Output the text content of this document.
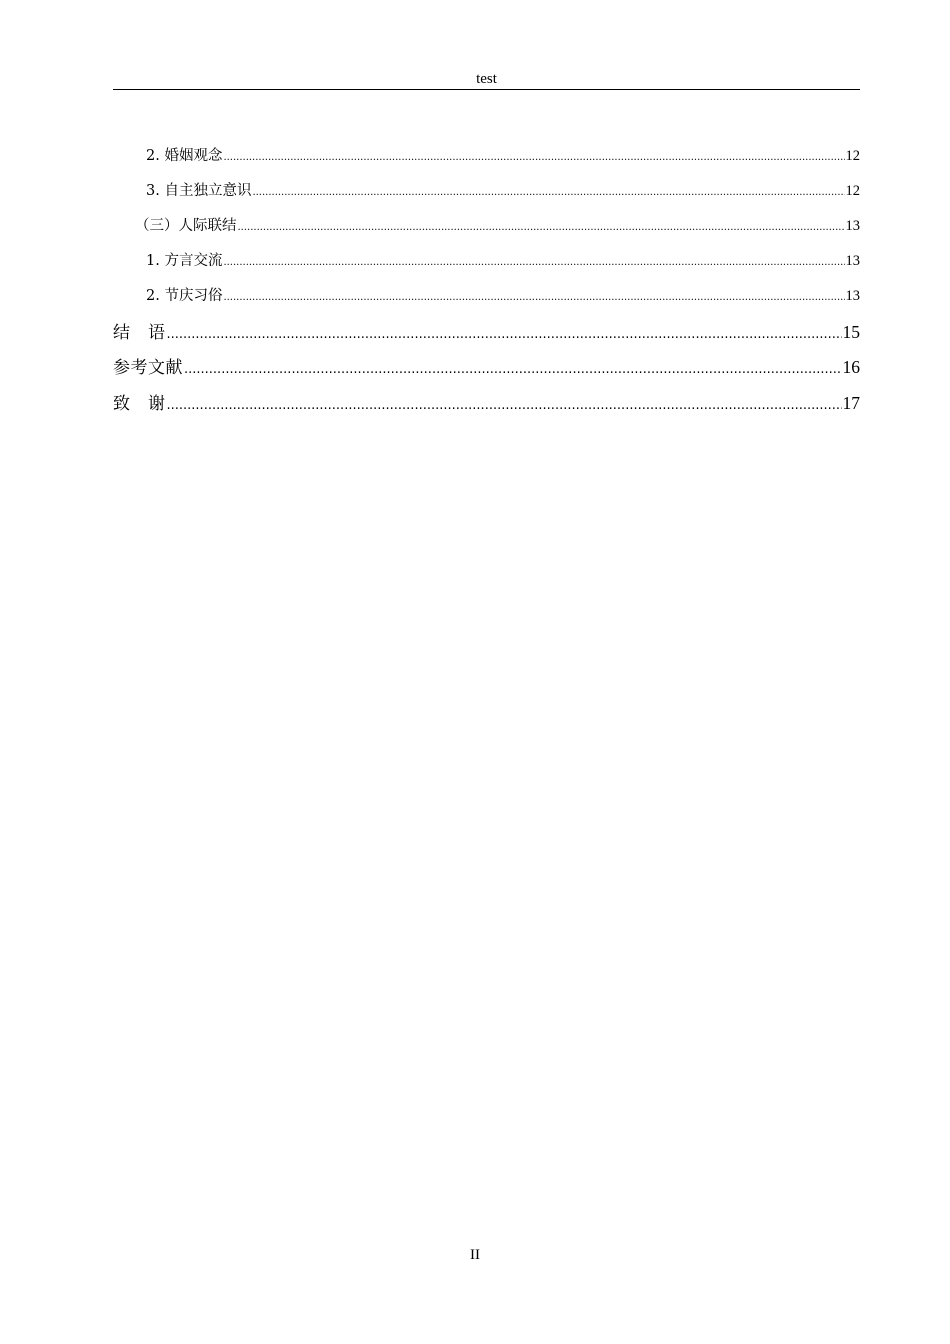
test
2. 婚姻观念 .....	12
3. 自主独立意识 .....	12
（三）人际联结 .....	13
1. 方言交流 .....	13
2. 节庆习俗 .....	13
结　语 .....	15
参考文献 .....	16
致　谢 .....	17
II
